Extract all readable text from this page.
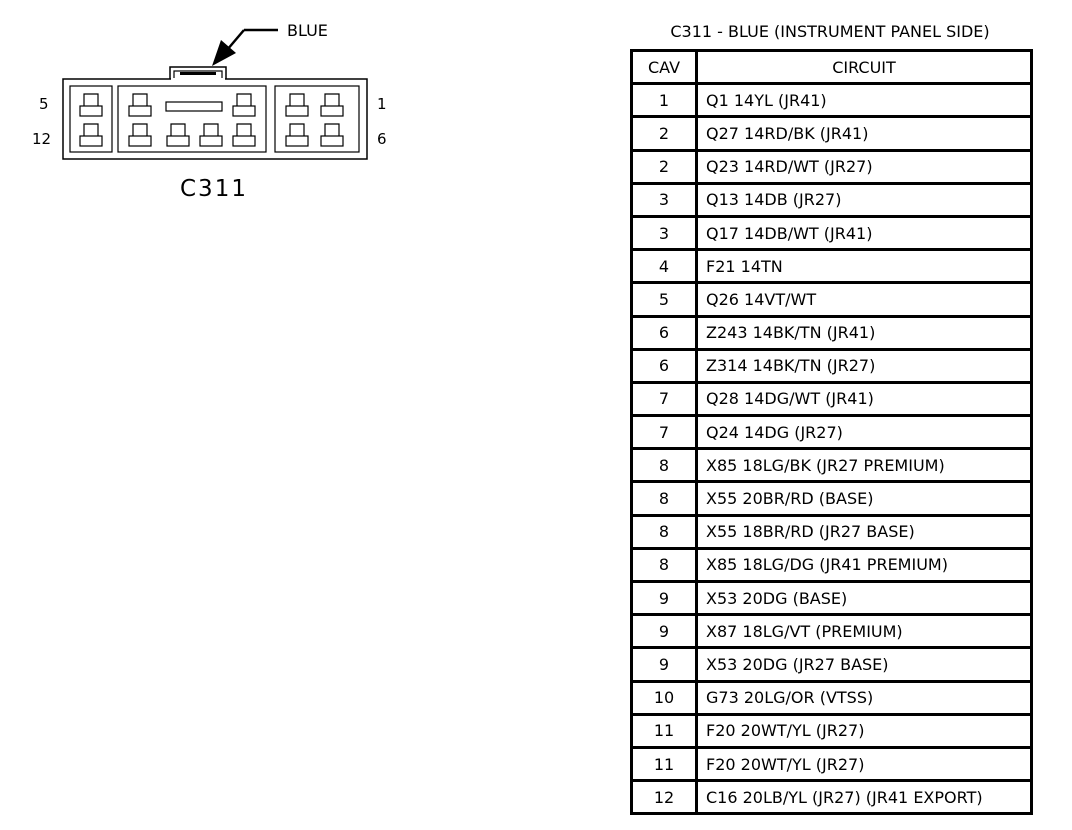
BLUE
5
12
1
6
C311
C311 - BLUE (INSTRUMENT PANEL SIDE)
CAV	CIRCUIT
1	Q1 14YL (JR41)
2	Q27 14RD/BK (JR41)
2	Q23 14RD/WT (JR27)
3	Q13 14DB (JR27)
3	Q17 14DB/WT (JR41)
4	F21 14TN
5	Q26 14VT/WT
6	Z243 14BK/TN (JR41)
6	Z314 14BK/TN (JR27)
7	Q28 14DG/WT (JR41)
7	Q24 14DG (JR27)
8	X85 18LG/BK (JR27 PREMIUM)
8	X55 20BR/RD (BASE)
8	X55 18BR/RD (JR27 BASE)
8	X85 18LG/DG (JR41 PREMIUM)
9	X53 20DG (BASE)
9	X87 18LG/VT (PREMIUM)
9	X53 20DG (JR27 BASE)
10	G73 20LG/OR (VTSS)
11	F20 20WT/YL (JR27)
11	F20 20WT/YL (JR27)
12	C16 20LB/YL (JR27) (JR41 EXPORT)
